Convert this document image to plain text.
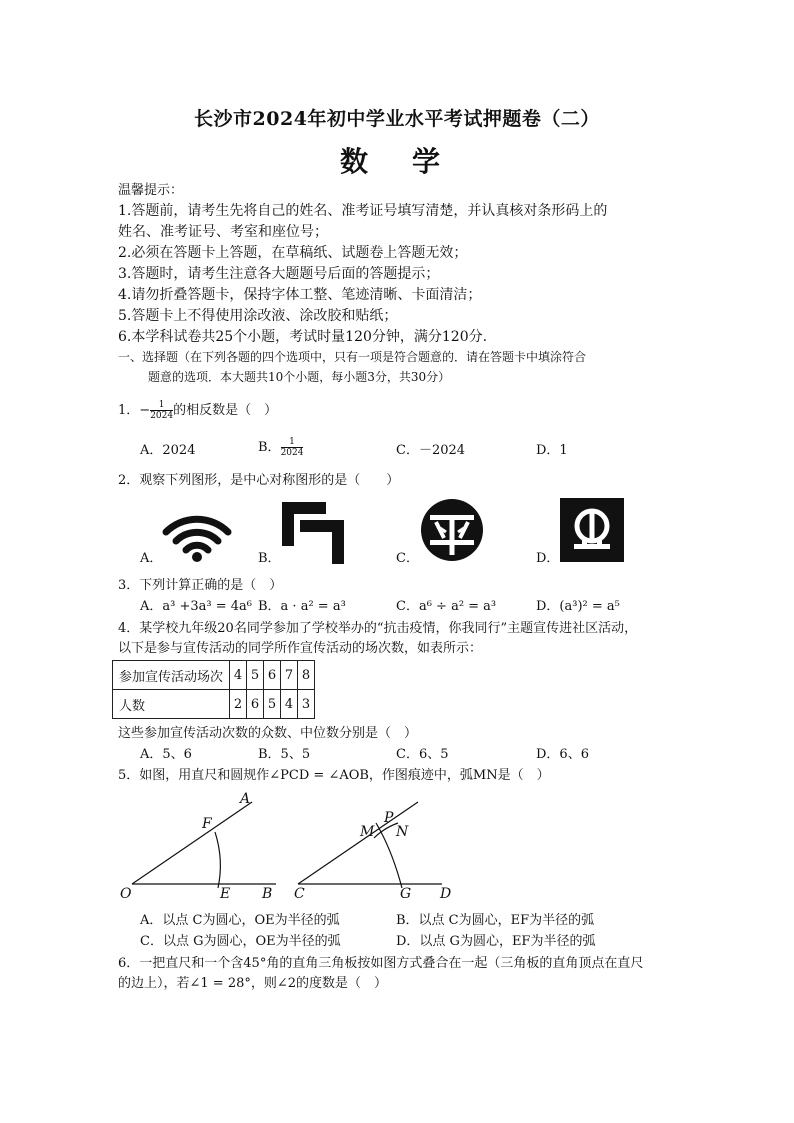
长沙市2024年初中学业水平考试押题卷（二）
数学
温馨提示：
1.答题前，请考生先将自己的姓名、准考证号填写清楚，并认真核对条形码上的
姓名、准考证号、考室和座位号；
2.必须在答题卡上答题，在草稿纸、试题卷上答题无效；
3.答题时，请考生注意各大题题号后面的答题提示；
4.请勿折叠答题卡，保持字体工整、笔迹清晰、卡面清洁；
5.答题卡上不得使用涂改液、涂改胶和贴纸；
6.本学科试卷共25个小题，考试时量120分钟，满分120分.
一、选择题（在下列各题的四个选项中，只有一项是符合题意的．请在答题卡中填涂符合
题意的选项．本大题共10个小题，每小题3分，共30分）
1．− $\frac{1}{2024}$ 的相反数是（　）
A．2024	B． $\frac{1}{2024}$	C．－2024	D．1
2．观察下列图形，是中心对称图形的是（　　）
A．	B．	C．	D．
3．下列计算正确的是（　）
A．a³ +3a³ = 4a⁶ B．a · a² = a³	C．a⁶ ÷ a² = a³	D．(a³)² = a⁵
4．某学校九年级20名同学参加了学校举办的“抗击疫情，你我同行”主题宣传进社区活动，
以下是参与宣传活动的同学所作宣传活动的场次数，如表所示：
参加宣传活动场次	4	5	6	7	8
人数	2	6	5	4	3
这些参加宣传活动次数的众数、中位数分别是（　）
A．5、6	B．5、5	C．6、5	D．6、6
5．如图，用直尺和圆规作∠PCD = ∠AOB，作图痕迹中，弧MN是（　）
A
F
O	E B
P
M N
C	G D
A．以点 C为圆心，OE为半径的弧	B．以点 C为圆心，EF为半径的弧
C．以点 G为圆心，OE为半径的弧	D．以点 G为圆心，EF为半径的弧
6．一把直尺和一个含45°角的直角三角板按如图方式叠合在一起（三角板的直角顶点在直尺
的边上），若∠1 = 28°，则∠2的度数是（　）
